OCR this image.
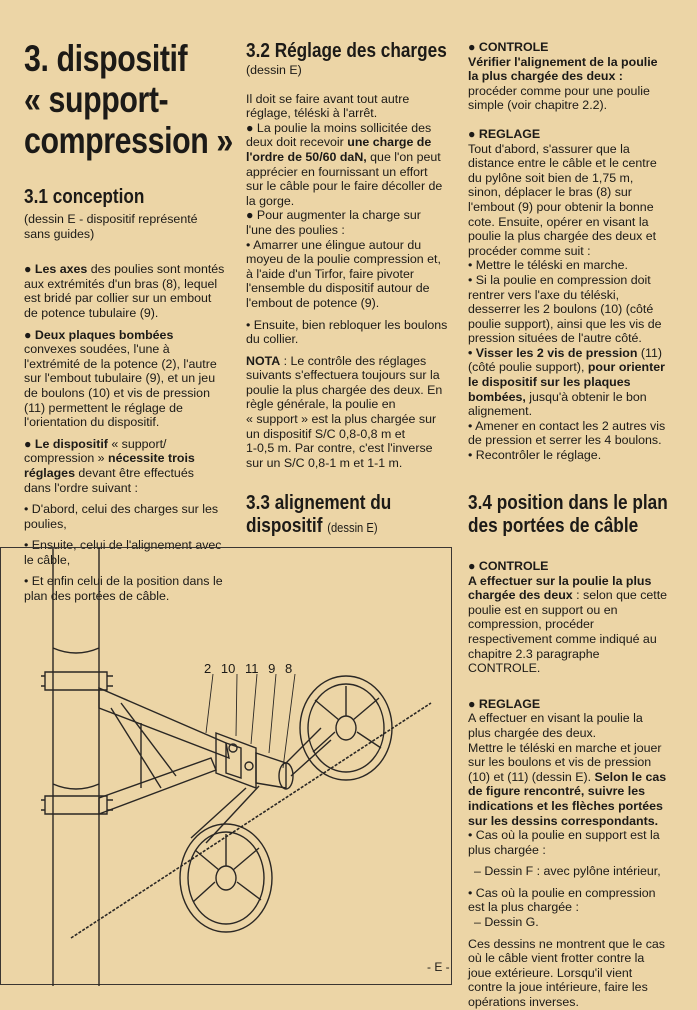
3. dispositif
« support-
compression »
3.1 conception

(dessin E - dispositif représenté

sans guides)

● Les axes des poulies sont montés

aux extrémités d'un bras (8), lequel

est bridé par collier sur un embout

de potence tubulaire (9).

● Deux plaques bombées

convexes soudées, l'une à

l'extrémité de la potence (2), l'autre

sur l'embout tubulaire (9), et un jeu

de boulons (10) et vis de pression

(11) permettent le réglage de

l'orientation du dispositif.

● Le dispositif « support/

compression » nécessite trois

réglages devant être effectués

dans l'ordre suivant :

• D'abord, celui des charges sur les

poulies,

• Ensuite, celui de l'alignement avec

le câble,

• Et enfin celui de la position dans le

plan des portées de câble.

3.2 Réglage des charges

(dessin E)

Il doit se faire avant tout autre

réglage, téléski à l'arrêt.

● La poulie la moins sollicitée des

deux doit recevoir une charge de

l'ordre de 50/60 daN, que l'on peut

apprécier en fournissant un effort

sur le câble pour le faire décoller de

la gorge.

● Pour augmenter la charge sur

l'une des poulies :

• Amarrer une élingue autour du

moyeu de la poulie compression et,

à l'aide d'un Tirfor, faire pivoter

l'ensemble du dispositif autour de

l'embout de potence (9).

• Ensuite, bien rebloquer les boulons

du collier.

NOTA : Le contrôle des réglages

suivants s'effectuera toujours sur la

poulie la plus chargée des deux. En

règle générale, la poulie en

« support » est la plus chargée sur

un dispositif S/C 0,8-0,8 m et

1-0,5 m. Par contre, c'est l'inverse

sur un S/C 0,8-1 m et 1-1 m.

3.3 alignement du
dispositif (dessin E)

● CONTROLE

Vérifier l'alignement de la poulie

la plus chargée des deux :

procéder comme pour une poulie

simple (voir chapitre 2.2).

● REGLAGE

Tout d'abord, s'assurer que la

distance entre le câble et le centre

du pylône soit bien de 1,75 m,

sinon, déplacer le bras (8) sur

l'embout (9) pour obtenir la bonne

cote. Ensuite, opérer en visant la

poulie la plus chargée des deux et

procéder comme suit :

• Mettre le téléski en marche.

• Si la poulie en compression doit

rentrer vers l'axe du téléski,

desserrer les 2 boulons (10) (côté

poulie support), ainsi que les vis de

pression situées de l'autre côté.

• Visser les 2 vis de pression (11)

(côté poulie support), pour orienter

le dispositif sur les plaques

bombées, jusqu'à obtenir le bon

alignement.

• Amener en contact les 2 autres vis

de pression et serrer les 4 boulons.

• Recontrôler le réglage.

3.4 position dans le plan
des portées de câble

● CONTROLE

A effectuer sur la poulie la plus

chargée des deux : selon que cette

poulie est en support ou en

compression, procéder

respectivement comme indiqué au

chapitre 2.3 paragraphe

CONTROLE.

● REGLAGE

A effectuer en visant la poulie la

plus chargée des deux.

Mettre le téléski en marche et jouer

sur les boulons et vis de pression

(10) et (11) (dessin E). Selon le cas

de figure rencontré, suivre les

indications et les flèches portées

sur les dessins correspondants.

• Cas où la poulie en support est la

plus chargée :

– Dessin F : avec pylône intérieur,

• Cas où la poulie en compression

est la plus chargée :

– Dessin G.

Ces dessins ne montrent que le cas

où le câble vient frotter contre la

joue extérieure. Lorsqu'il vient

contre la joue intérieure, faire les

opérations inverses.

2 10 11 9 8
- E -
